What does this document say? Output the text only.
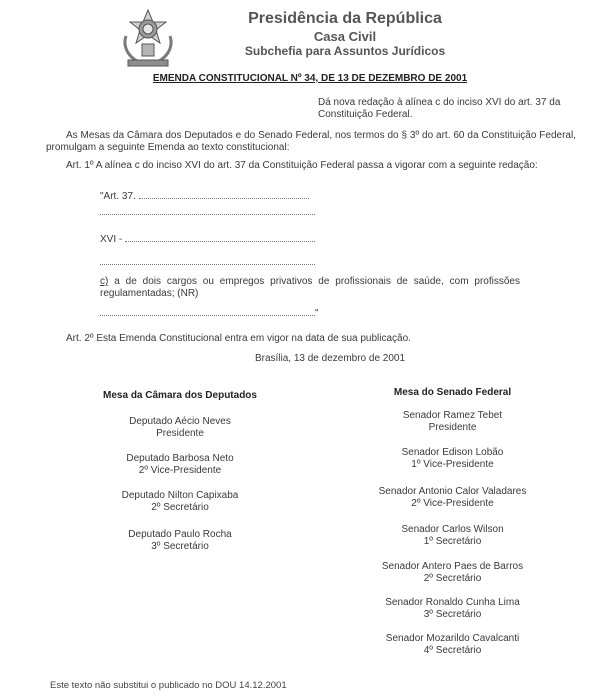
Presidência da República
Casa Civil
Subchefia para Assuntos Jurídicos
EMENDA CONSTITUCIONAL Nº 34, DE 13 DE DEZEMBRO DE 2001
Dá nova redação à alínea c do inciso XVI do art. 37 da Constituição Federal.
As Mesas da Câmara dos Deputados e do Senado Federal, nos termos do § 3º do art. 60 da Constituição Federal, promulgam a seguinte Emenda ao texto constitucional:
Art. 1º A alínea c do inciso XVI do art. 37 da Constituição Federal passa a vigorar com a seguinte redação:
"Art. 37.
XVI -
c) a de dois cargos ou empregos privativos de profissionais de saúde, com profissões regulamentadas; (NR)
"
Art. 2º Esta Emenda Constitucional entra em vigor na data de sua publicação.
Brasília, 13 de dezembro de 2001
Mesa da Câmara dos Deputados
Deputado Aécio Neves
Presidente
Deputado Barbosa Neto
2º Vice-Presidente
Deputado Nilton Capixaba
2º Secretário
Deputado Paulo Rocha
3º Secretário
Mesa do Senado Federal
Senador Ramez Tebet
Presidente
Senador Edison Lobão
1º Vice-Presidente
Senador Antonio Calor Valadares
2º Vice-Presidente
Senador Carlos Wilson
1º Secretário
Senador Antero Paes de Barros
2º Secretário
Senador Ronaldo Cunha Lima
3º Secretário
Senador Mozarildo Cavalcanti
4º Secretário
Este texto não substitui o publicado no DOU 14.12.2001
